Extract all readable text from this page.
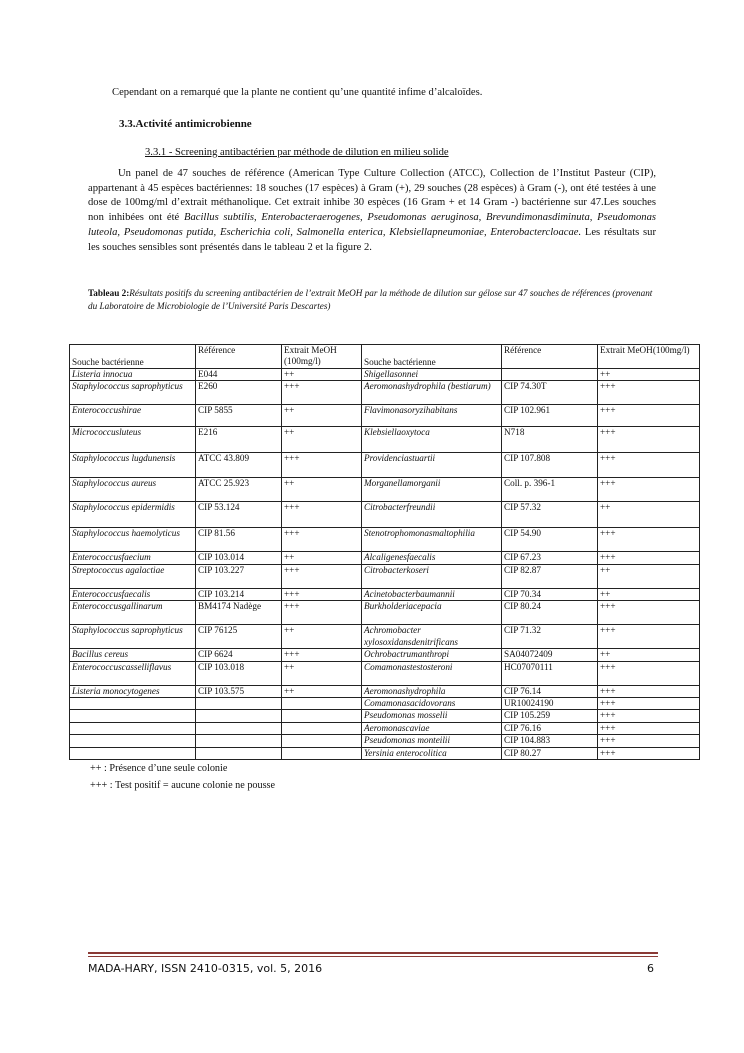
Cependant on a remarqué que la plante ne contient qu’une quantité infime d’alcaloïdes.
3.3.Activité antimicrobienne
3.3.1 - Screening antibactérien par méthode de dilution en milieu solide
Un panel de 47 souches de référence (American Type Culture Collection (ATCC), Collection de l’Institut Pasteur (CIP), appartenant à 45 espèces bactériennes: 18 souches (17 espèces) à Gram (+), 29 souches (28 espèces) à Gram (-), ont été testées à une dose de 100mg/ml d’extrait méthanolique. Cet extrait inhibe 30 espèces (16 Gram + et 14 Gram -) bactérienne sur 47.Les souches non inhibées ont été Bacillus subtilis, Enterobacteraerogenes, Pseudomonas aeruginosa, Brevundimonasdiminuta, Pseudomonas luteola, Pseudomonas putida, Escherichia coli, Salmonella enterica, Klebsiellapneumoniae, Enterobactercloacae. Les résultats sur les souches sensibles sont présentés dans le tableau 2 et la figure 2.
Tableau 2:Résultats positifs du screening antibactérien de l’extrait MeOH par la méthode de dilution sur gélose sur 47 souches de références (provenant du Laboratoire de Microbiologie de l’Université Paris Descartes)
Souche bactérienne	Référence	Extrait MeOH (100mg/l)	Souche bactérienne	Référence	Extrait MeOH(100mg/l)
Listeria innocua	E044	++	Shigellasonnei		++
Staphylococcus saprophyticus	E260	+++	Aeromonashydrophila (bestiarum)	CIP 74.30T	+++
Enterococcushirae	CIP 5855	++	Flavimonasoryzihabitans	CIP 102.961	+++
Micrococcusluteus	E216	++	Klebsiellaoxytoca	N718	+++
Staphylococcus lugdunensis	ATCC 43.809	+++	Providenciastuartii	CIP 107.808	+++
Staphylococcus aureus	ATCC 25.923	++	Morganellamorganii	Coll. p. 396-1	+++
Staphylococcus epidermidis	CIP 53.124	+++	Citrobacterfreundii	CIP 57.32	++
Staphylococcus haemolyticus	CIP 81.56	+++	Stenotrophomonasmaltophilia	CIP 54.90	+++
Enterococcusfaecium	CIP 103.014	++	Alcaligenesfaecalis	CIP 67.23	+++
Streptococcus agalactiae	CIP 103.227	+++	Citrobacterkoseri	CIP 82.87	++
Enterococcusfaecalis	CIP 103.214	+++	Acinetobacterbaumannii	CIP 70.34	++
Enterococcusgallinarum	BM4174 Nadège	+++	Burkholderiacepacia	CIP 80.24	+++
Staphylococcus saprophyticus	CIP 76125	++	Achromobacter xylosoxidansdenitrificans	CIP 71.32	+++
Bacillus cereus	CIP 6624	+++	Ochrobactrumanthropi	SA04072409	++
Enterococcuscasselliflavus	CIP 103.018	++	Comamonastestosteroni	HC07070111	+++
Listeria monocytogenes	CIP 103.575	++	Aeromonashydrophila	CIP 76.14	+++
			Comamonasacidovorans	UR10024190	+++
			Pseudomonas mosselii	CIP 105.259	+++
			Aeromonascaviae	CIP 76.16	+++
			Pseudomonas monteilii	CIP 104.883	+++
			Yersinia enterocolitica	CIP 80.27	+++
++ : Présence d’une seule colonie
+++ : Test positif = aucune colonie ne pousse
MADA-HARY, ISSN 2410-0315, vol. 5, 2016	6
